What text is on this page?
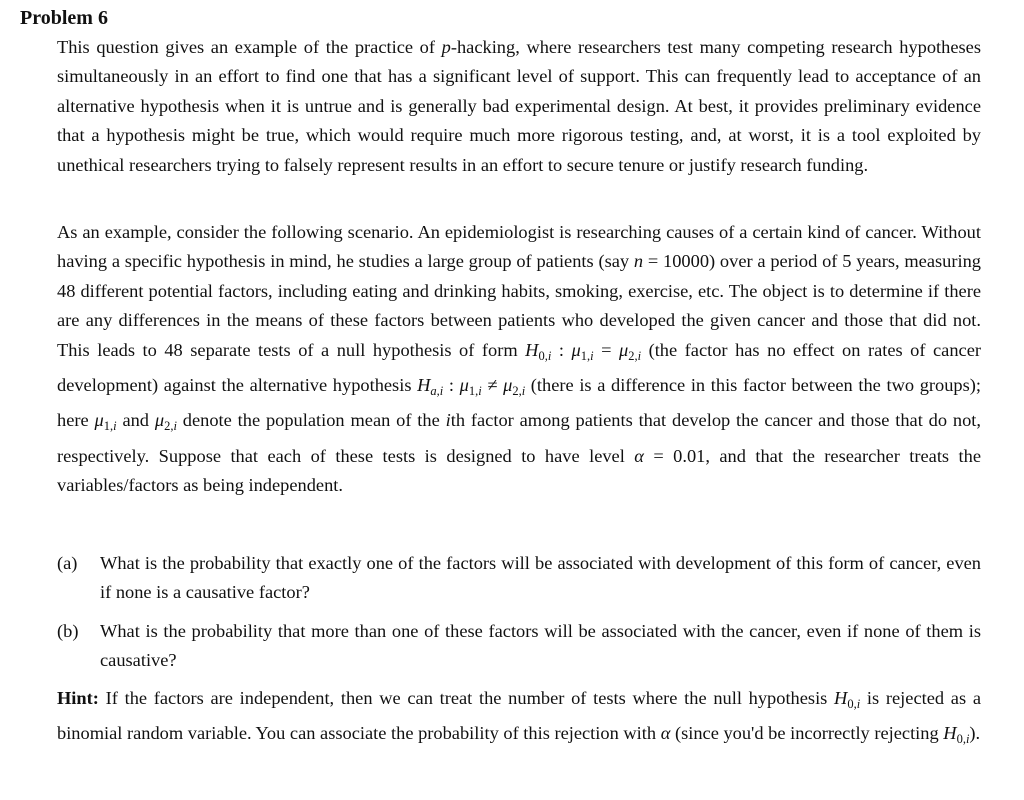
Problem 6

This question gives an example of the practice of p-hacking, where researchers test many competing research hypotheses simultaneously in an effort to find one that has a significant level of support. This can frequently lead to acceptance of an alternative hypothesis when it is untrue and is generally bad experimental design. At best, it provides preliminary evidence that a hypothesis might be true, which would require much more rigorous testing, and, at worst, it is a tool exploited by unethical researchers trying to falsely represent results in an effort to secure tenure or justify research funding.

As an example, consider the following scenario. An epidemiologist is researching causes of a certain kind of cancer. Without having a specific hypothesis in mind, he studies a large group of patients (say n = 10000) over a period of 5 years, measuring 48 different potential factors, including eating and drinking habits, smoking, exercise, etc. The object is to determine if there are any differences in the means of these factors between patients who developed the given cancer and those that did not. This leads to 48 separate tests of a null hypothesis of form $H_{0,i}$ : $\mu_{1,i} = \mu_{2,i}$ (the factor has no effect on rates of cancer development) against the alternative hypothesis $H_{a,i}$ : $\mu_{1,i} \ne \mu_{2,i}$ (there is a difference in this factor between the two groups); here $\mu_{1,i}$ and $\mu_{2,i}$ denote the population mean of the ith factor among patients that develop the cancer and those that do not, respectively. Suppose that each of these tests is designed to have level α = 0.01, and that the researcher treats the variables/factors as being independent.

(a) What is the probability that exactly one of the factors will be associated with development of this form of cancer, even if none is a causative factor?

(b) What is the probability that more than one of these factors will be associated with the cancer, even if none of them is causative?

Hint: If the factors are independent, then we can treat the number of tests where the null hypothesis $H_{0,i}$ is rejected as a binomial random variable. You can associate the probability of this rejection with α (since you'd be incorrectly rejecting $H_{0,i}$).
